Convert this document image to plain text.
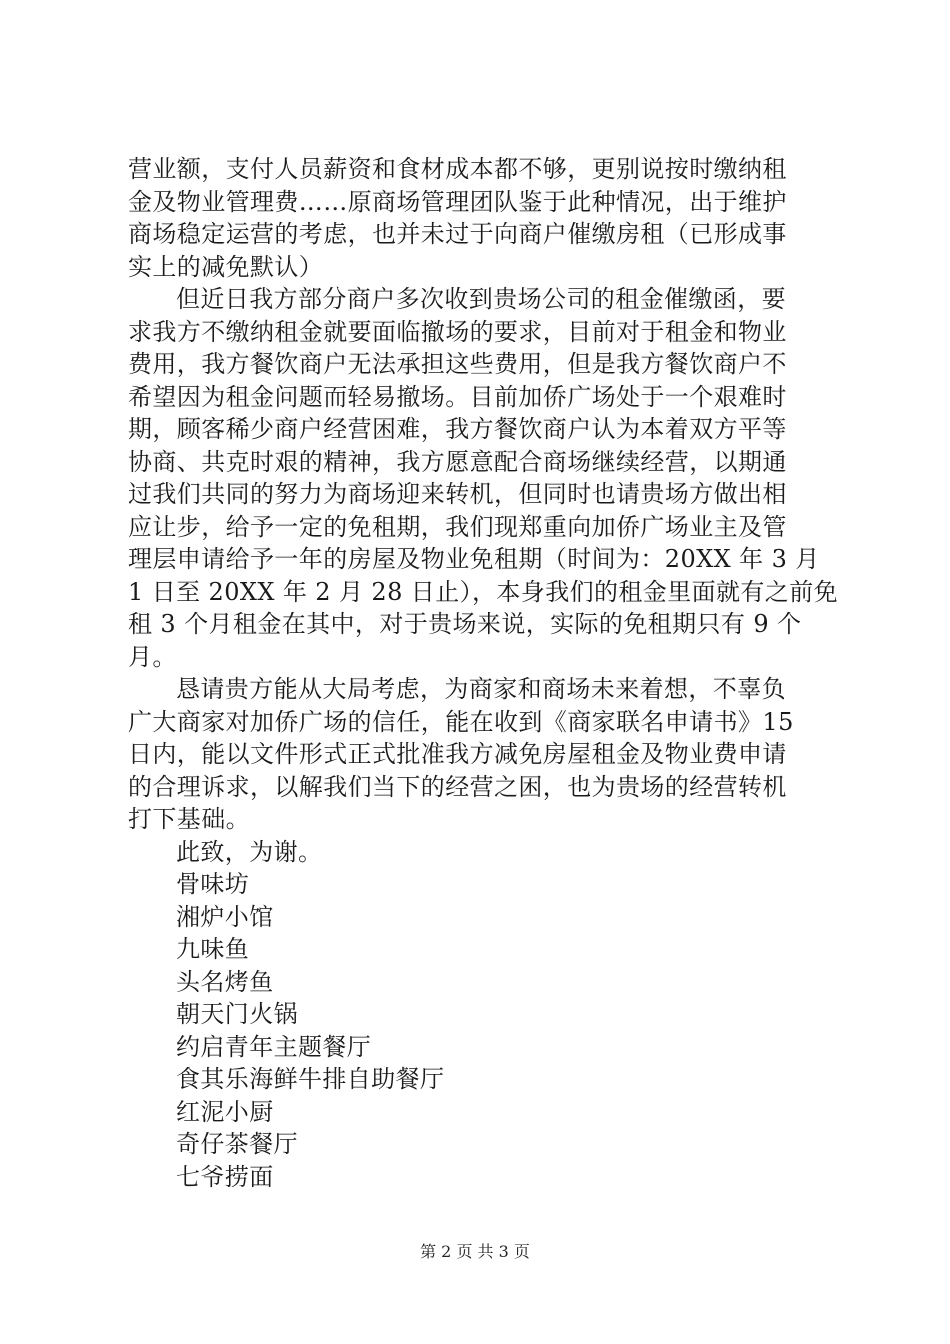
营业额，支付人员薪资和食材成本都不够，更别说按时缴纳租
金及物业管理费……原商场管理团队鉴于此种情况，出于维护
商场稳定运营的考虑，也并未过于向商户催缴房租（已形成事
实上的减免默认）
但近日我方部分商户多次收到贵场公司的租金催缴函，要
求我方不缴纳租金就要面临撤场的要求，目前对于租金和物业
费用，我方餐饮商户无法承担这些费用，但是我方餐饮商户不
希望因为租金问题而轻易撤场。目前加侨广场处于一个艰难时
期，顾客稀少商户经营困难，我方餐饮商户认为本着双方平等
协商、共克时艰的精神，我方愿意配合商场继续经营，以期通
过我们共同的努力为商场迎来转机，但同时也请贵场方做出相
应让步，给予一定的免租期，我们现郑重向加侨广场业主及管
理层申请给予一年的房屋及物业免租期（时间为：20XX 年 3 月
1 日至 20XX 年 2 月 28 日止），本身我们的租金里面就有之前免
租 3 个月租金在其中，对于贵场来说，实际的免租期只有 9 个
月。
恳请贵方能从大局考虑，为商家和商场未来着想，不辜负
广大商家对加侨广场的信任，能在收到《商家联名申请书》15
日内，能以文件形式正式批准我方减免房屋租金及物业费申请
的合理诉求，以解我们当下的经营之困，也为贵场的经营转机
打下基础。
此致，为谢。
骨味坊
湘炉小馆
九味鱼
头名烤鱼
朝天门火锅
约启青年主题餐厅
食其乐海鲜牛排自助餐厅
红泥小厨
奇仔茶餐厅
七爷捞面
第 2 页 共 3 页
